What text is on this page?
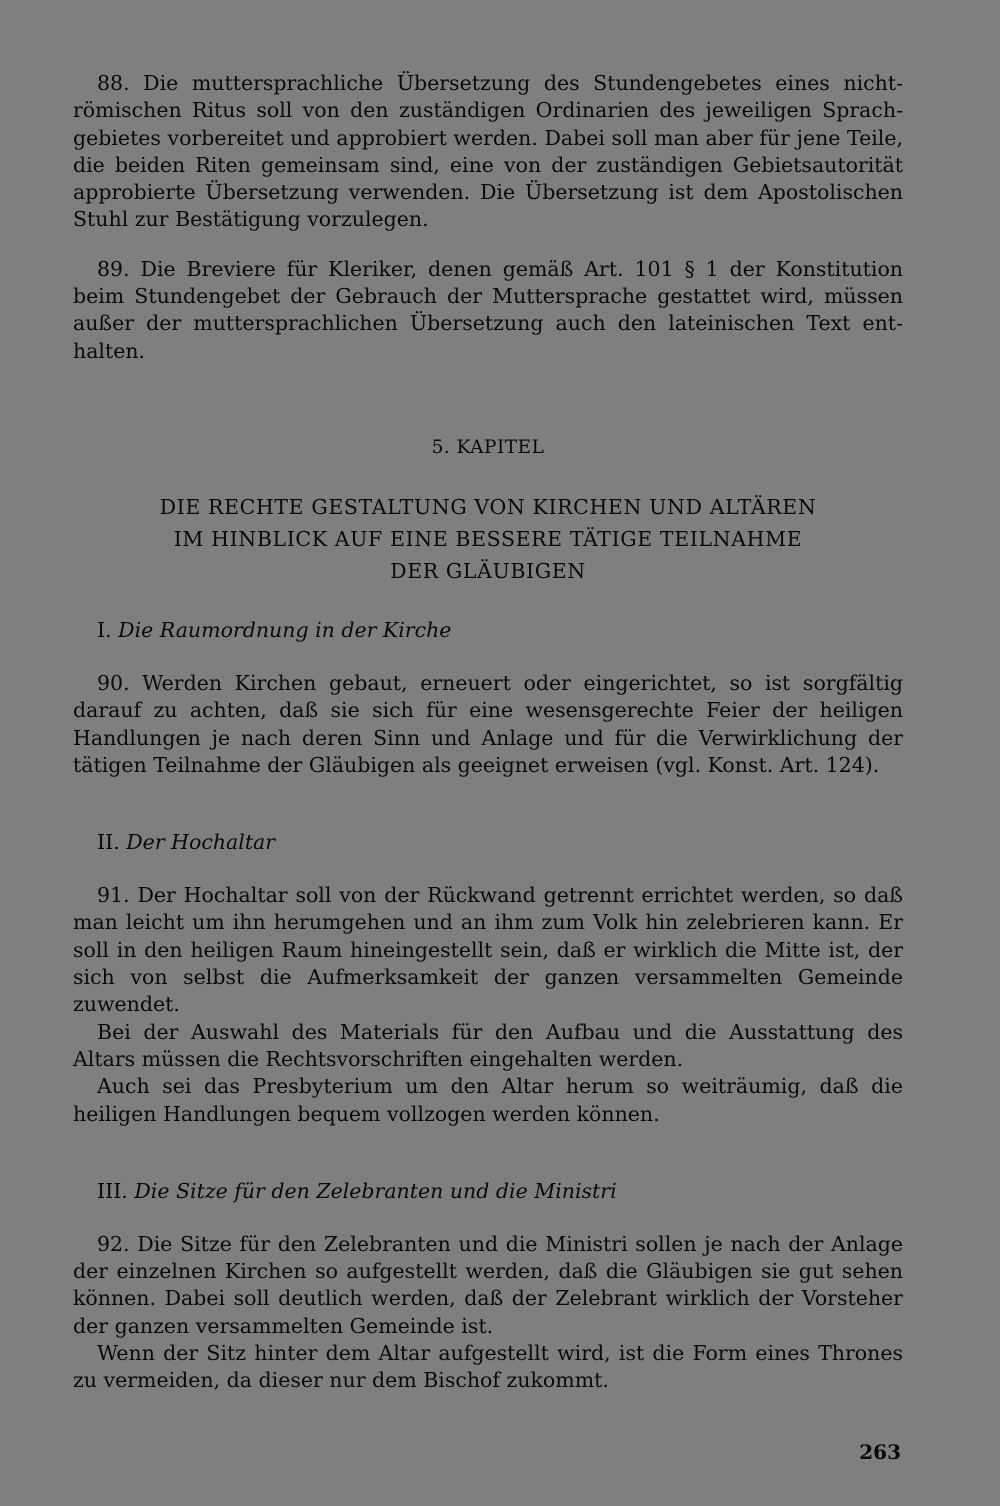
88. Die muttersprachliche Übersetzung des Stundengebetes eines nichtrömischen Ritus soll von den zuständigen Ordinarien des jeweiligen Sprachgebietes vorbereitet und approbiert werden. Dabei soll man aber für jene Teile, die beiden Riten gemeinsam sind, eine von der zuständigen Gebietsautorität approbierte Übersetzung verwenden. Die Übersetzung ist dem Apostolischen Stuhl zur Bestätigung vorzulegen.

89. Die Breviere für Kleriker, denen gemäß Art. 101 § 1 der Konstitution beim Stundengebet der Gebrauch der Muttersprache gestattet wird, müssen außer der muttersprachlichen Übersetzung auch den lateinischen Text enthalten.

5. KAPITEL
DIE RECHTE GESTALTUNG VON KIRCHEN UND ALTÄREN
IM HINBLICK AUF EINE BESSERE TÄTIGE TEILNAHME
DER GLÄUBIGEN
I. Die Raumordnung in der Kirche

90. Werden Kirchen gebaut, erneuert oder eingerichtet, so ist sorgfältig darauf zu achten, daß sie sich für eine wesensgerechte Feier der heiligen Handlungen je nach deren Sinn und Anlage und für die Verwirklichung der tätigen Teilnahme der Gläubigen als geeignet erweisen (vgl. Konst. Art. 124).

II. Der Hochaltar

91. Der Hochaltar soll von der Rückwand getrennt errichtet werden, so daß man leicht um ihn herumgehen und an ihm zum Volk hin zelebrieren kann. Er soll in den heiligen Raum hineingestellt sein, daß er wirklich die Mitte ist, der sich von selbst die Aufmerksamkeit der ganzen versammelten Gemeinde zuwendet.

Bei der Auswahl des Materials für den Aufbau und die Ausstattung des Altars müssen die Rechtsvorschriften eingehalten werden.

Auch sei das Presbyterium um den Altar herum so weiträumig, daß die heiligen Handlungen bequem vollzogen werden können.

III. Die Sitze für den Zelebranten und die Ministri

92. Die Sitze für den Zelebranten und die Ministri sollen je nach der Anlage der einzelnen Kirchen so aufgestellt werden, daß die Gläubigen sie gut sehen können. Dabei soll deutlich werden, daß der Zelebrant wirklich der Vorsteher der ganzen versammelten Gemeinde ist.

Wenn der Sitz hinter dem Altar aufgestellt wird, ist die Form eines Thrones zu vermeiden, da dieser nur dem Bischof zukommt.

263
